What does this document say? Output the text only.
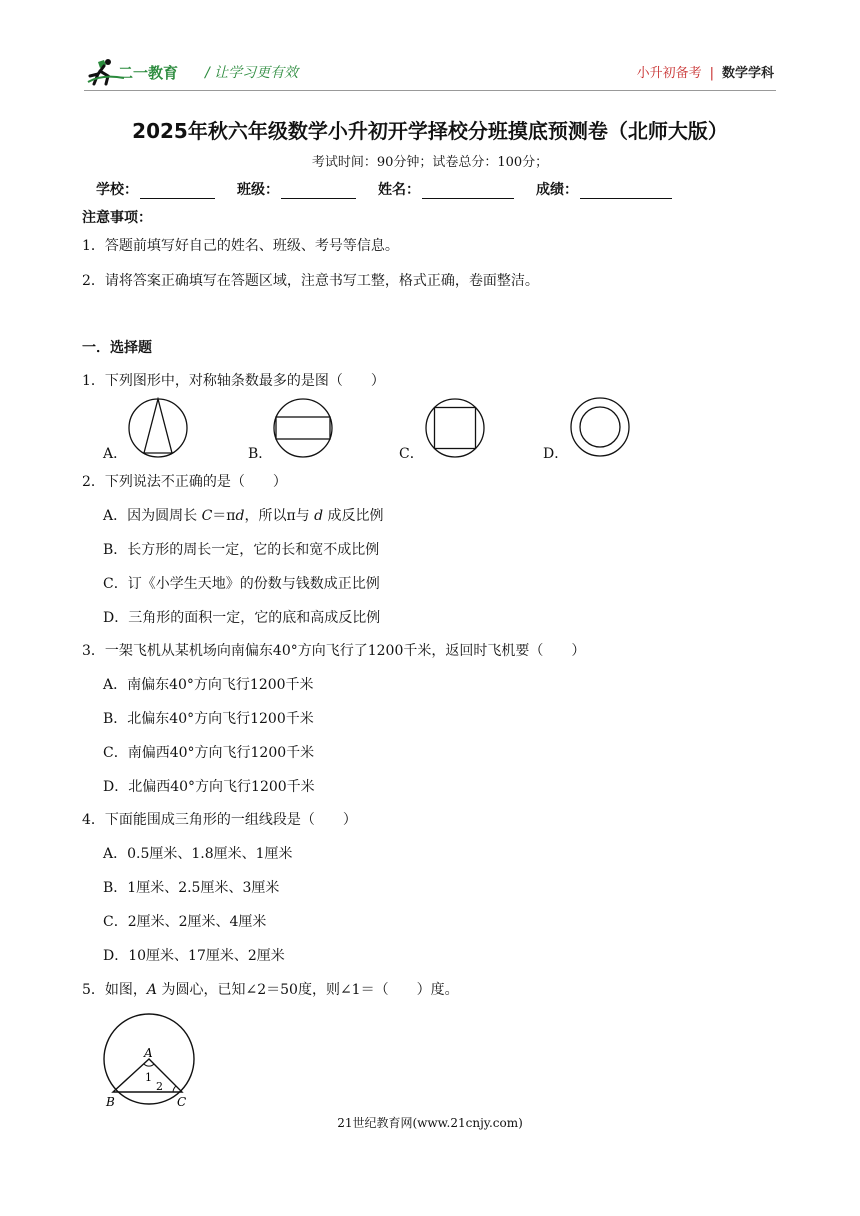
二一教育 / 让学习更有效	小升初备考 | 数学学科
2025年秋六年级数学小升初开学择校分班摸底预测卷（北师大版）
考试时间：90分钟；试卷总分：100分；
学校：	班级：	姓名：	成绩：
注意事项：
1．答题前填写好自己的姓名、班级、考号等信息。
2．请将答案正确填写在答题区域，注意书写工整，格式正确，卷面整洁。
一．选择题
1．下列图形中，对称轴条数最多的是图（　　）
A．	B．	C．	D．
2．下列说法不正确的是（　　）
A．因为圆周长 C＝πd，所以π与 d 成反比例
B．长方形的周长一定，它的长和宽不成比例
C．订《小学生天地》的份数与钱数成正比例
D．三角形的面积一定，它的底和高成反比例
3．一架飞机从某机场向南偏东40°方向飞行了1200千米，返回时飞机要（　　）
A．南偏东40°方向飞行1200千米
B．北偏东40°方向飞行1200千米
C．南偏西40°方向飞行1200千米
D．北偏西40°方向飞行1200千米
4．下面能围成三角形的一组线段是（　　）
A．0.5厘米、1.8厘米、1厘米
B．1厘米、2.5厘米、3厘米
C．2厘米、2厘米、4厘米
D．10厘米、17厘米、2厘米
5．如图，A 为圆心，已知∠2＝50度，则∠1＝（　　）度。
A
1
2
B	C
21世纪教育网(www.21cnjy.com)
